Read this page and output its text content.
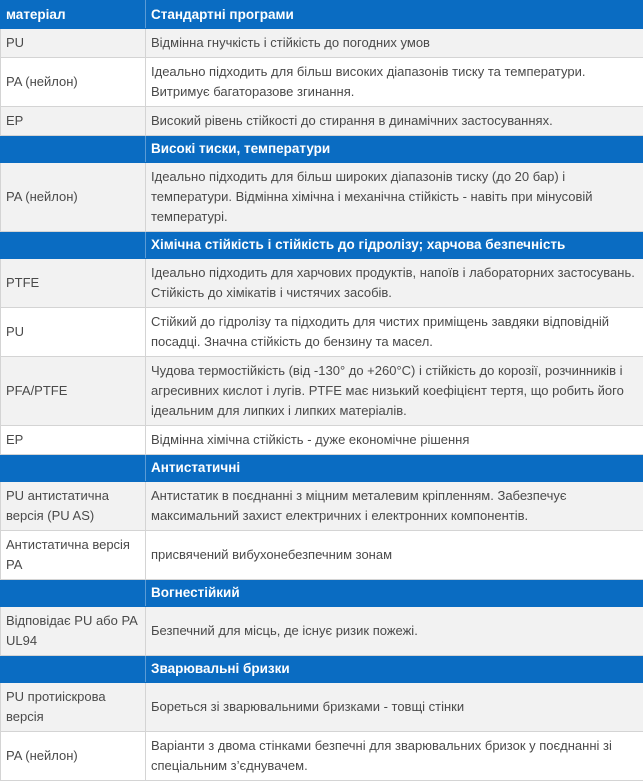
матеріал	Стандартні програми
PU	Відмінна гнучкість і стійкість до погодних умов
PA (нейлон)	Ідеально підходить для більш високих діапазонів тиску та температури. Витримує багаторазове згинання.
EP	Високий рівень стійкості до стирання в динамічних застосуваннях.
	Високі тиски, температури
PA (нейлон)	Ідеально підходить для більш широких діапазонів тиску (до 20 бар) і температури. Відмінна хімічна і механічна стійкість - навіть при мінусовій температурі.
	Хімічна стійкість і стійкість до гідролізу; харчова безпечність
PTFE	Ідеально підходить для харчових продуктів, напоїв і лабораторних застосувань. Стійкість до хімікатів і чистячих засобів.
PU	Стійкий до гідролізу та підходить для чистих приміщень завдяки відповідній посадці. Значна стійкість до бензину та масел.
PFA/PTFE	Чудова термостійкість (від -130° до +260°C) і стійкість до корозії, розчинників і агресивних кислот і лугів. PTFE має низький коефіцієнт тертя, що робить його ідеальним для липких і липких матеріалів.
EP	Відмінна хімічна стійкість - дуже економічне рішення
	Антистатичні
PU антистатична версія (PU AS)	Антистатик в поєднанні з міцним металевим кріпленням. Забезпечує максимальний захист електричних і електронних компонентів.
Антистатична версія PA	присвячений вибухонебезпечним зонам
	Вогнестійкий
Відповідає PU або PA UL94	Безпечний для місць, де існує ризик пожежі.
	Зварювальні бризки
PU протиіскрова версія	Бореться зі зварювальними бризками - товщі стінки
PA (нейлон)	Варіанти з двома стінками безпечні для зварювальних бризок у поєднанні зі спеціальним з’єднувачем.
